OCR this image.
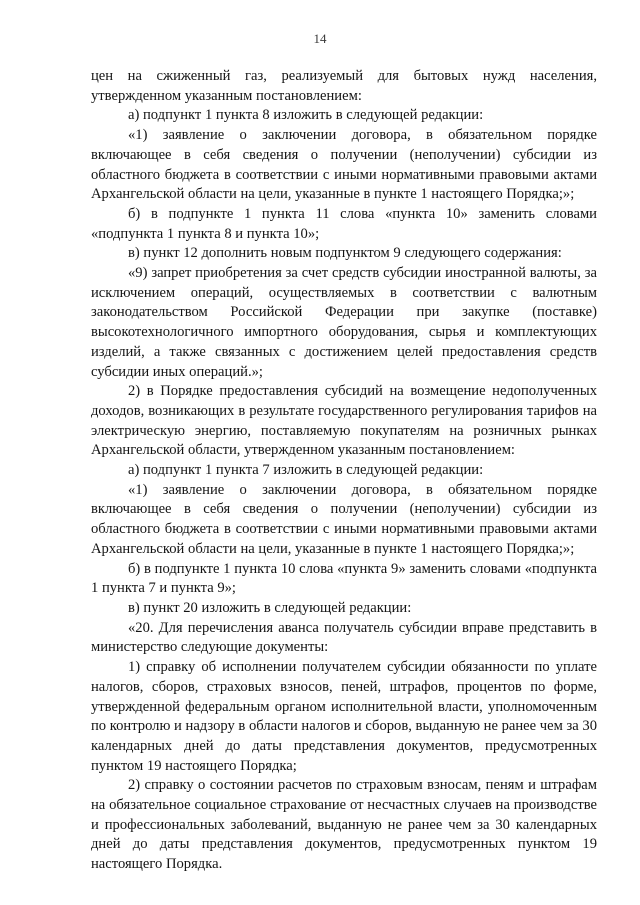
14

цен на сжиженный газ, реализуемый для бытовых нужд населения, утвержденном указанным постановлением:

а) подпункт 1 пункта 8 изложить в следующей редакции:

«1) заявление о заключении договора, в обязательном порядке включающее в себя сведения о получении (неполучении) субсидии из областного бюджета в соответствии с иными нормативными правовыми актами Архангельской области на цели, указанные в пункте 1 настоящего Порядка;»;

б) в подпункте 1 пункта 11 слова «пункта 10» заменить словами «подпункта 1 пункта 8 и пункта 10»;

в) пункт 12 дополнить новым подпунктом 9 следующего содержания:

«9) запрет приобретения за счет средств субсидии иностранной валюты, за исключением операций, осуществляемых в соответствии с валютным законодательством Российской Федерации при закупке (поставке) высокотехнологичного импортного оборудования, сырья и комплектующих изделий, а также связанных с достижением целей предоставления средств субсидии иных операций.»;

2) в Порядке предоставления субсидий на возмещение недополученных доходов, возникающих в результате государственного регулирования тарифов на электрическую энергию, поставляемую покупателям на розничных рынках Архангельской области, утвержденном указанным постановлением:

а) подпункт 1 пункта 7 изложить в следующей редакции:

«1) заявление о заключении договора, в обязательном порядке включающее в себя сведения о получении (неполучении) субсидии из областного бюджета в соответствии с иными нормативными правовыми актами Архангельской области на цели, указанные в пункте 1 настоящего Порядка;»;

б) в подпункте 1 пункта 10 слова «пункта 9» заменить словами «подпункта 1 пункта 7 и пункта 9»;

в) пункт 20 изложить в следующей редакции:

«20. Для перечисления аванса получатель субсидии вправе представить в министерство следующие документы:

1) справку об исполнении получателем субсидии обязанности по уплате налогов, сборов, страховых взносов, пеней, штрафов, процентов по форме, утвержденной федеральным органом исполнительной власти, уполномоченным по контролю и надзору в области налогов и сборов, выданную не ранее чем за 30 календарных дней до даты представления документов, предусмотренных пунктом 19 настоящего Порядка;

2) справку о состоянии расчетов по страховым взносам, пеням и штрафам на обязательное социальное страхование от несчастных случаев на производстве и профессиональных заболеваний, выданную не ранее чем за 30 календарных дней до даты представления документов, предусмотренных пунктом 19 настоящего Порядка.
